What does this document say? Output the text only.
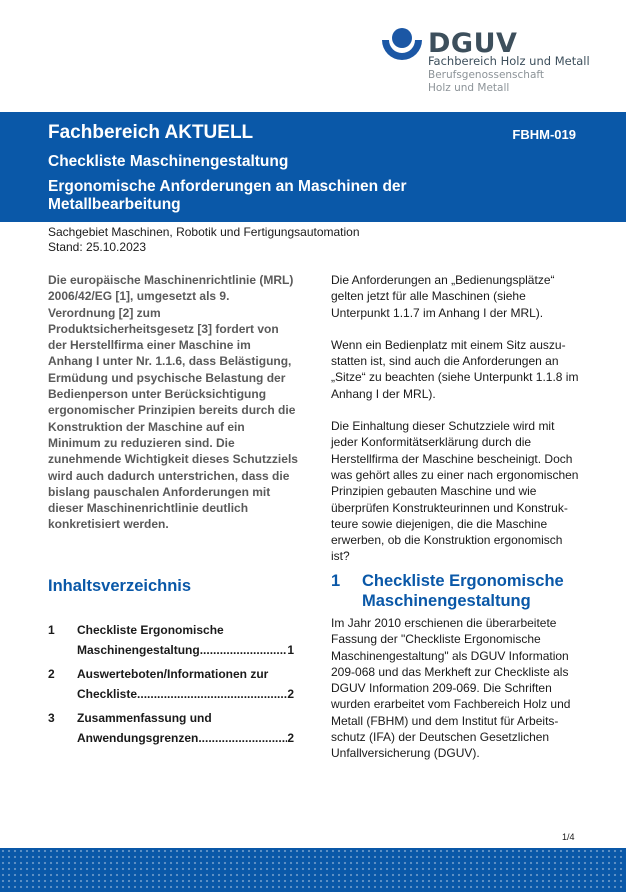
DGUV
Fachbereich Holz und Metall
Berufsgenossenschaft
Holz und Metall
Fachbereich AKTUELL	FBHM-019
Checkliste Maschinengestaltung
Ergonomische Anforderungen an Maschinen der Metallbearbeitung
Sachgebiet Maschinen, Robotik und Fertigungsautomation
Stand: 25.10.2023

Die europäische Maschinenrichtlinie (MRL) 2006/42/EG [1], umgesetzt als 9. Verordnung [2] zum Produktsicherheitsgesetz [3] fordert von der Herstellfirma einer Maschine im Anhang I unter Nr. 1.1.6, dass Belästigung, Ermüdung und psychische Belastung der Bedienperson unter Berücksichtigung ergonomischer Prinzipien bereits durch die Konstruktion der Maschine auf ein Minimum zu reduzieren sind. Die zunehmende Wichtigkeit dieses Schutzziels wird auch dadurch unterstrichen, dass die bislang pauschalen Anforderungen mit dieser Maschinenrichtlinie deutlich konkretisiert werden.

Die Anforderungen an „Bedienungsplätze“ gelten jetzt für alle Maschinen (siehe Unterpunkt 1.1.7 im Anhang I der MRL).

Wenn ein Bedienplatz mit einem Sitz auszustatten ist, sind auch die Anforderungen an „Sitze“ zu beachten (siehe Unterpunkt 1.1.8 im Anhang I der MRL).

Die Einhaltung dieser Schutzziele wird mit jeder Konformitätserklärung durch die Herstellfirma der Maschine bescheinigt. Doch was gehört alles zu einer nach ergonomischen Prinzipien gebauten Maschine und wie überprüfen Konstrukteurinnen und Konstrukteure sowie diejenigen, die die Maschine erwerben, ob die Konstruktion ergonomisch ist?

Inhaltsverzeichnis
1 Checkliste Ergonomische
Maschinengestaltung .....	1
2 Auswerteboten/Informationen zur
Checkliste .....	2
3 Zusammenfassung und
Anwendungsgrenzen .....	2
1	Checkliste Ergonomische Maschinengestaltung
Im Jahr 2010 erschienen die überarbeitete Fassung der "Checkliste Ergonomische Maschinengestaltung" als DGUV Information 209-068 und das Merkheft zur Checkliste als DGUV Information 209-069. Die Schriften wurden erarbeitet vom Fachbereich Holz und Metall (FBHM) und dem Institut für Arbeitsschutz (IFA) der Deutschen Gesetzlichen Unfallversicherung (DGUV).
1/4
